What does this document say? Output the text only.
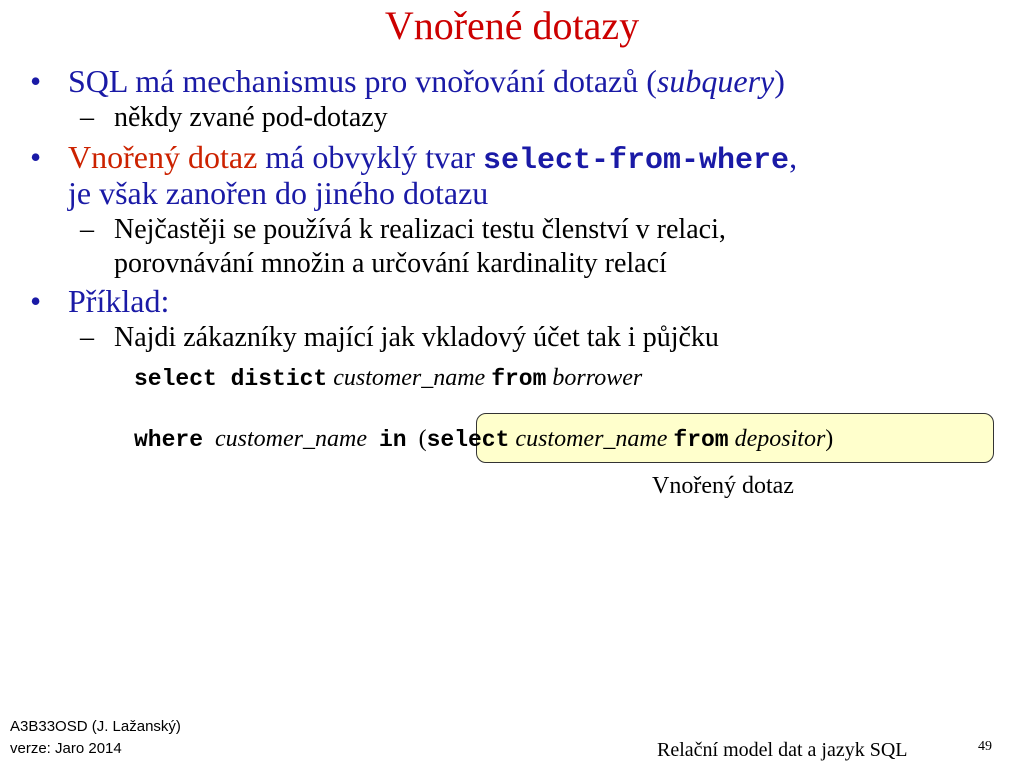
Vnořené dotazy
• SQL má mechanismus pro vnořování dotazů (subquery)
– někdy zvané pod-dotazy
• Vnořený dotaz má obvyklý tvar select-from-where,
je však zanořen do jiného dotazu
– Nejčastěji se používá k realizaci testu členství v relaci,
porovnávání množin a určování kardinality relací
• Příklad:
– Najdi zákazníky mající jak vkladový účet tak i půjčku
select distict customer_name from borrower
where customer_name in (select customer_name from depositor)
Vnořený dotaz
A3B33OSD (J. Lažanský)
verze: Jaro 2014	Relační model dat a jazyk SQL	49
